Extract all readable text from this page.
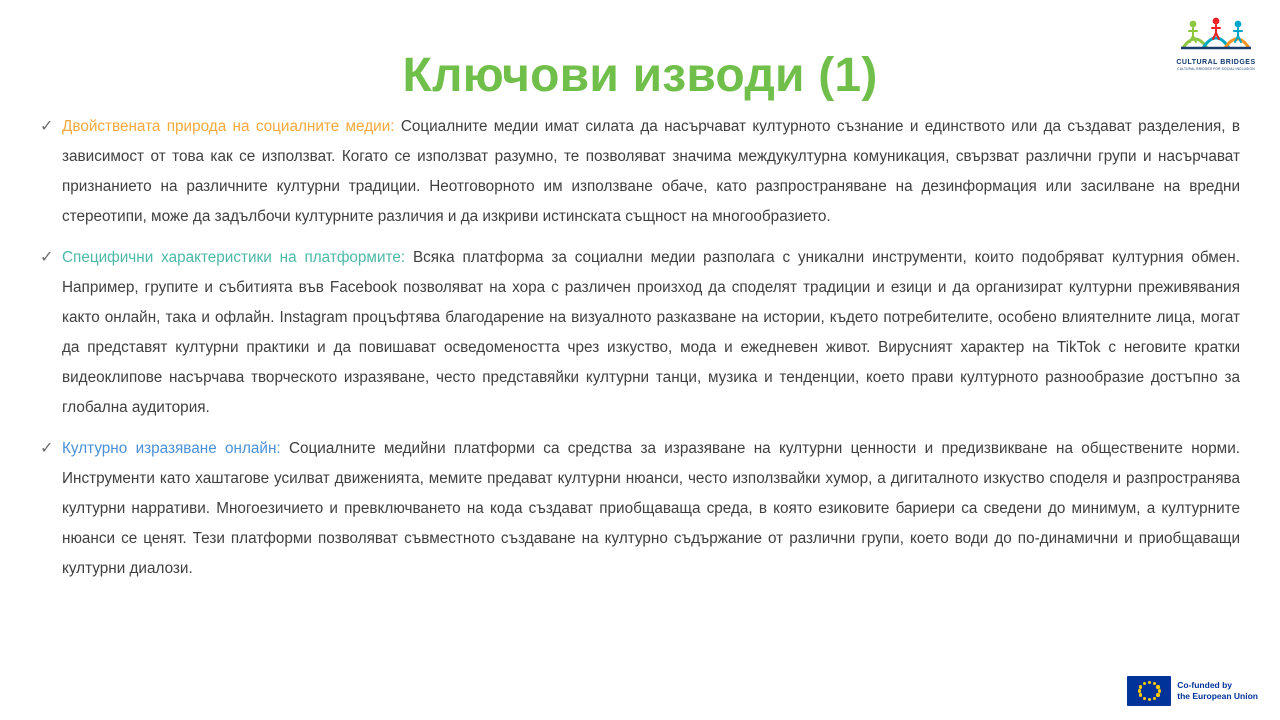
Ключови изводи (1)	CULTURAL BRIDGES
CULTURAL BRIDGES FOR SOCIAL INCLUSION
✓ Двойствената природа на социалните медии: Социалните медии имат силата да насърчават културното съзнание и единството или да създават разделения, в зависимост от това как се използват. Когато се използват разумно, те позволяват значима междукултурна комуникация, свързват различни групи и насърчават признанието на различните културни традиции. Неотговорното им използване обаче, като разпространяване на дезинформация или засилване на вредни стереотипи, може да задълбочи културните различия и да изкриви истинската същност на многообразието.
✓ Специфични характеристики на платформите: Всяка платформа за социални медии разполага с уникални инструменти, които подобряват културния обмен. Например, групите и събитията във Facebook позволяват на хора с различен произход да споделят традиции и езици и да организират културни преживявания както онлайн, така и офлайн. Instagram процъфтява благодарение на визуалното разказване на истории, където потребителите, особено влиятелните лица, могат да представят културни практики и да повишават осведомеността чрез изкуство, мода и ежедневен живот. Вирусният характер на TikTok с неговите кратки видеоклипове насърчава творческото изразяване, често представяйки културни танци, музика и тенденции, което прави културното разнообразие достъпно за глобална аудитория.
✓ Културно изразяване онлайн: Социалните медийни платформи са средства за изразяване на културни ценности и предизвикване на обществените норми. Инструменти като хаштагове усилват движенията, мемите предават културни нюанси, често използвайки хумор, а дигиталното изкуство споделя и разпространява културни нарративи. Многоезичието и превключването на кода създават приобщаваща среда, в която езиковите бариери са сведени до минимум, а културните нюанси се ценят. Тези платформи позволяват съвместното създаване на културно съдържание от различни групи, което води до по-динамични и приобщаващи културни диалози.
Co-funded by
the European Union
